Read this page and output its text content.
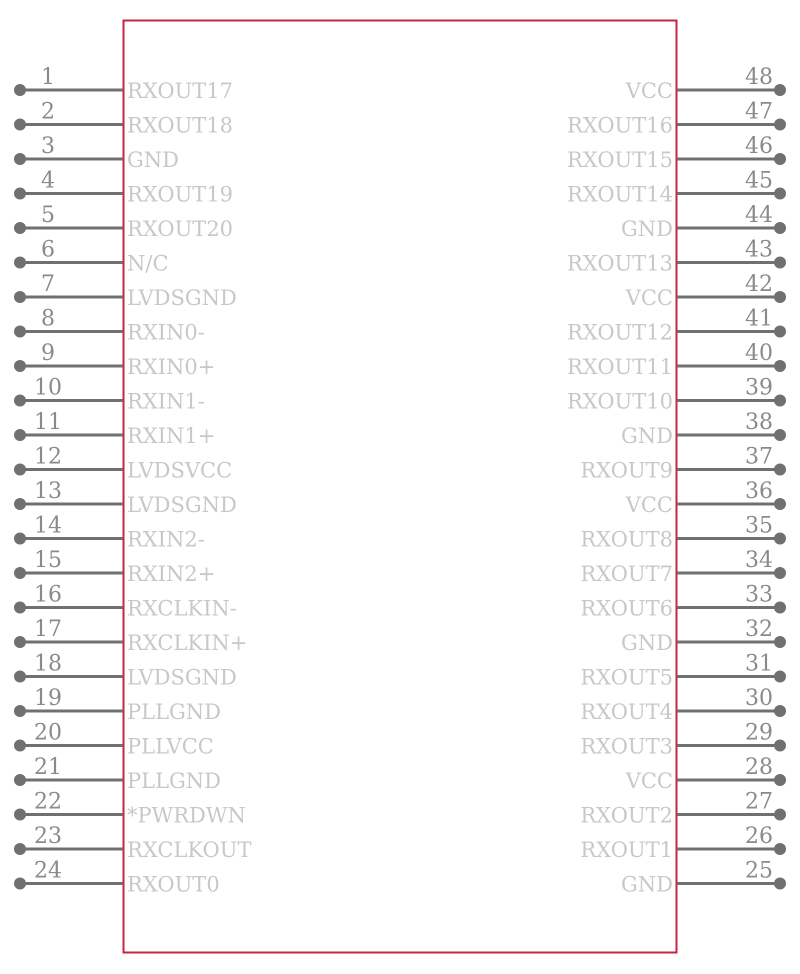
1
RXOUT17
2
RXOUT18
3
GND
4
RXOUT19
5
RXOUT20
6
N/C
7
LVDSGND
8
RXIN0-
9
RXIN0+
10
RXIN1-
11
RXIN1+
12
LVDSVCC
13
LVDSGND
14
RXIN2-
15
RXIN2+
16
RXCLKIN-
17
RXCLKIN+
18
LVDSGND
19
PLLGND
20
PLLVCC
21
PLLGND
22
*PWRDWN
23
RXCLKOUT
24
RXOUT0
48
VCC
47
RXOUT16
46
RXOUT15
45
RXOUT14
44
GND
43
RXOUT13
42
VCC
41
RXOUT12
40
RXOUT11
39
RXOUT10
38
GND
37
RXOUT9
36
VCC
35
RXOUT8
34
RXOUT7
33
RXOUT6
32
GND
31
RXOUT5
30
RXOUT4
29
RXOUT3
28
VCC
27
RXOUT2
26
RXOUT1
25
GND
